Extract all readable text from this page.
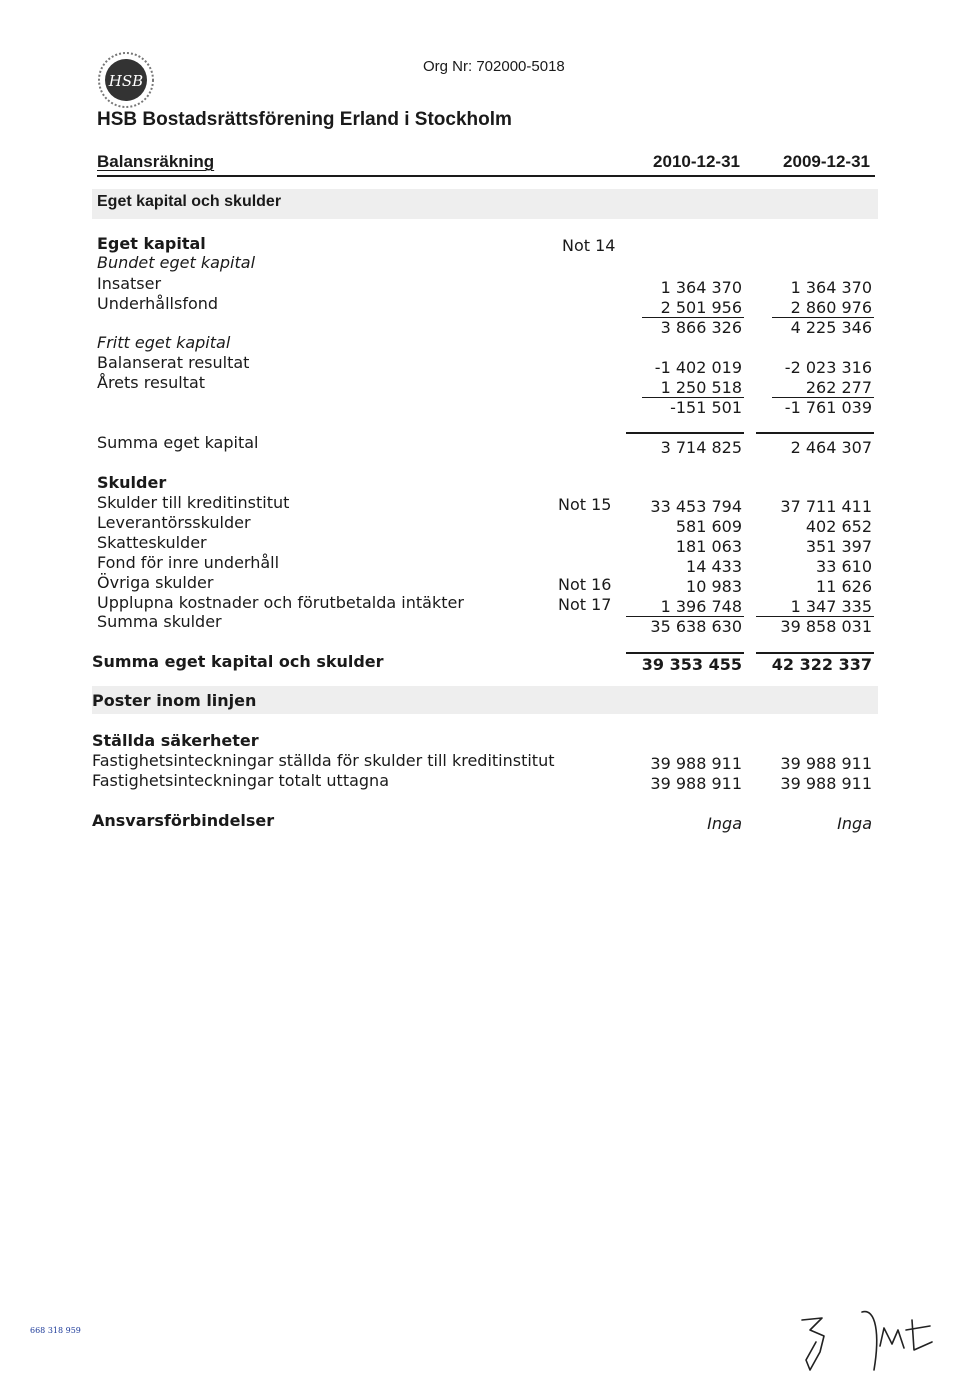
HSB
Org Nr: 702000-5018
HSB Bostadsrättsförening Erland i Stockholm
Balansräkning	2010-12-31	2009-12-31
Eget kapital och skulder
Eget kapital	Not 14
Bundet eget kapital
Insatser	1 364 370	1 364 370
Underhållsfond	2 501 956	2 860 976
3 866 326	4 225 346
Fritt eget kapital
Balanserat resultat	-1 402 019	-2 023 316
Årets resultat	1 250 518	262 277
-151 501	-1 761 039
Summa eget kapital	3 714 825	2 464 307
Skulder
Skulder till kreditinstitut	Not 15	33 453 794	37 711 411
Leverantörsskulder	581 609	402 652
Skatteskulder	181 063	351 397
Fond för inre underhåll	14 433	33 610
Övriga skulder	Not 16	10 983	11 626
Upplupna kostnader och förutbetalda intäkter	Not 17	1 396 748	1 347 335
Summa skulder	35 638 630	39 858 031
Summa eget kapital och skulder	39 353 455	42 322 337
Poster inom linjen
Ställda säkerheter
Fastighetsinteckningar ställda för skulder till kreditinstitut	39 988 911	39 988 911
Fastighetsinteckningar totalt uttagna	39 988 911	39 988 911
Ansvarsförbindelser	Inga	Inga
668 318 959
